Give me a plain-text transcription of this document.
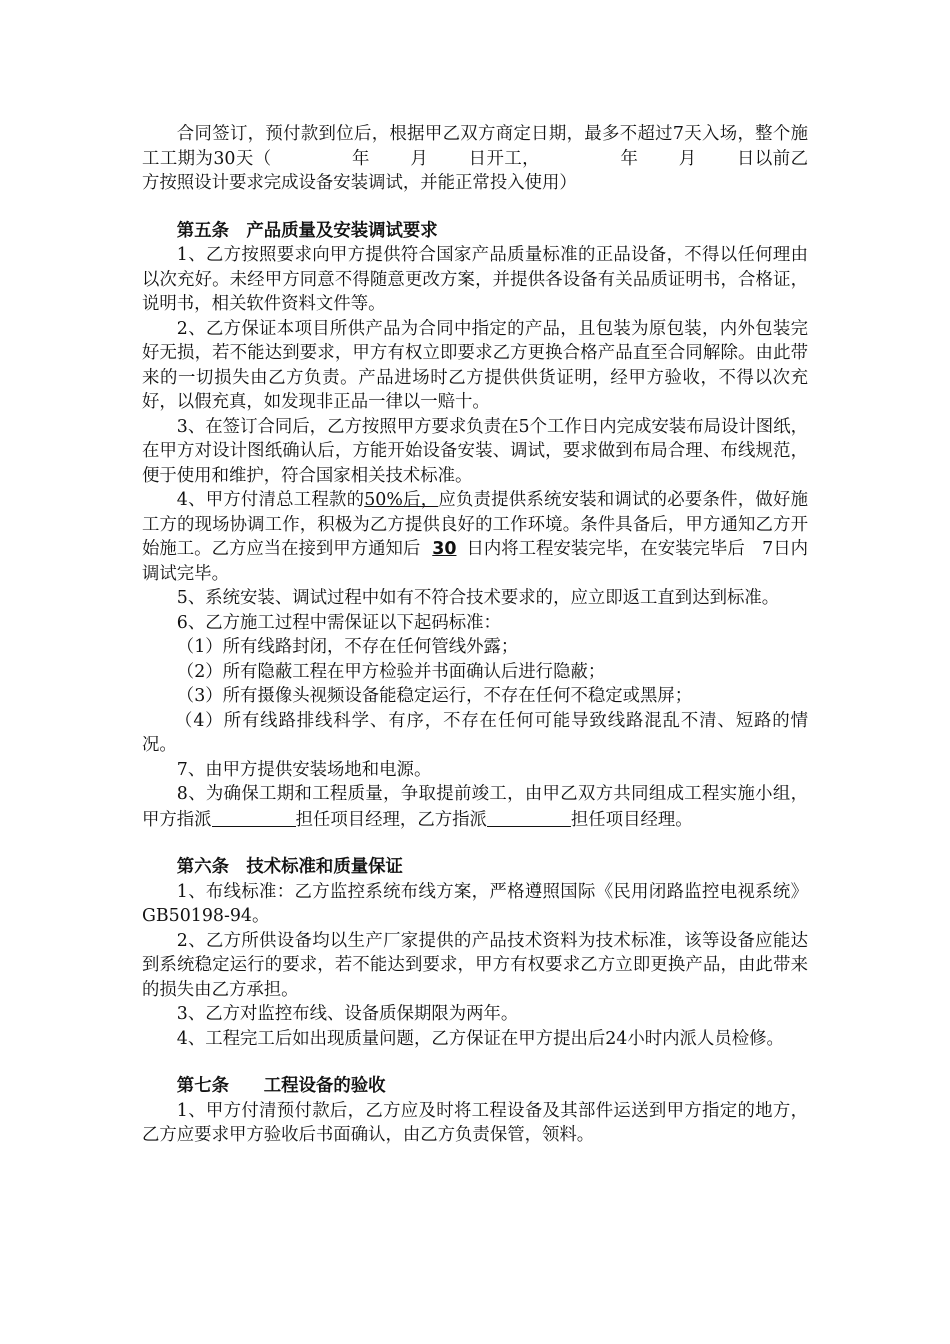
合同签订，预付款到位后，根据甲乙双方商定日期，最多不超过7天入场，整个施工工期为30天（	年 月 日开工，	年 月 日以前乙方按照设计要求完成设备安装调试，并能正常投入使用）

第五条　产品质量及安装调试要求

1、乙方按照要求向甲方提供符合国家产品质量标准的正品设备，不得以任何理由以次充好。未经甲方同意不得随意更改方案，并提供各设备有关品质证明书，合格证，说明书，相关软件资料文件等。

2、乙方保证本项目所供产品为合同中指定的产品，且包装为原包装，内外包装完好无损，若不能达到要求，甲方有权立即要求乙方更换合格产品直至合同解除。由此带来的一切损失由乙方负责。产品进场时乙方提供供货证明，经甲方验收，不得以次充好，以假充真，如发现非正品一律以一赔十。

3、在签订合同后，乙方按照甲方要求负责在5个工作日内完成安装布局设计图纸，在甲方对设计图纸确认后，方能开始设备安装、调试，要求做到布局合理、布线规范，便于使用和维护，符合国家相关技术标准。

4、甲方付清总工程款的50%后，应负责提供系统安装和调试的必要条件，做好施工方的现场协调工作，积极为乙方提供良好的工作环境。条件具备后，甲方通知乙方开始施工。乙方应当在接到甲方通知后 30 日内将工程安装完毕，在安装完毕后　7日内调试完毕。

5、系统安装、调试过程中如有不符合技术要求的，应立即返工直到达到标准。

6、乙方施工过程中需保证以下起码标准：

（1）所有线路封闭，不存在任何管线外露；

（2）所有隐蔽工程在甲方检验并书面确认后进行隐蔽；

（3）所有摄像头视频设备能稳定运行，不存在任何不稳定或黑屏；

（4）所有线路排线科学、有序，不存在任何可能导致线路混乱不清、短路的情况。

7、由甲方提供安装场地和电源。

8、为确保工期和工程质量，争取提前竣工，由甲乙双方共同组成工程实施小组，甲方指派	担任项目经理，乙方指派	担任项目经理。

第六条　技术标准和质量保证

1、布线标准：乙方监控系统布线方案，严格遵照国际《民用闭路监控电视系统》GB50198-94。

2、乙方所供设备均以生产厂家提供的产品技术资料为技术标准，该等设备应能达到系统稳定运行的要求，若不能达到要求，甲方有权要求乙方立即更换产品，由此带来的损失由乙方承担。

3、乙方对监控布线、设备质保期限为两年。

4、工程完工后如出现质量问题，乙方保证在甲方提出后24小时内派人员检修。

第七条　　工程设备的验收

1、甲方付清预付款后，乙方应及时将工程设备及其部件运送到甲方指定的地方，乙方应要求甲方验收后书面确认，由乙方负责保管，领料。
